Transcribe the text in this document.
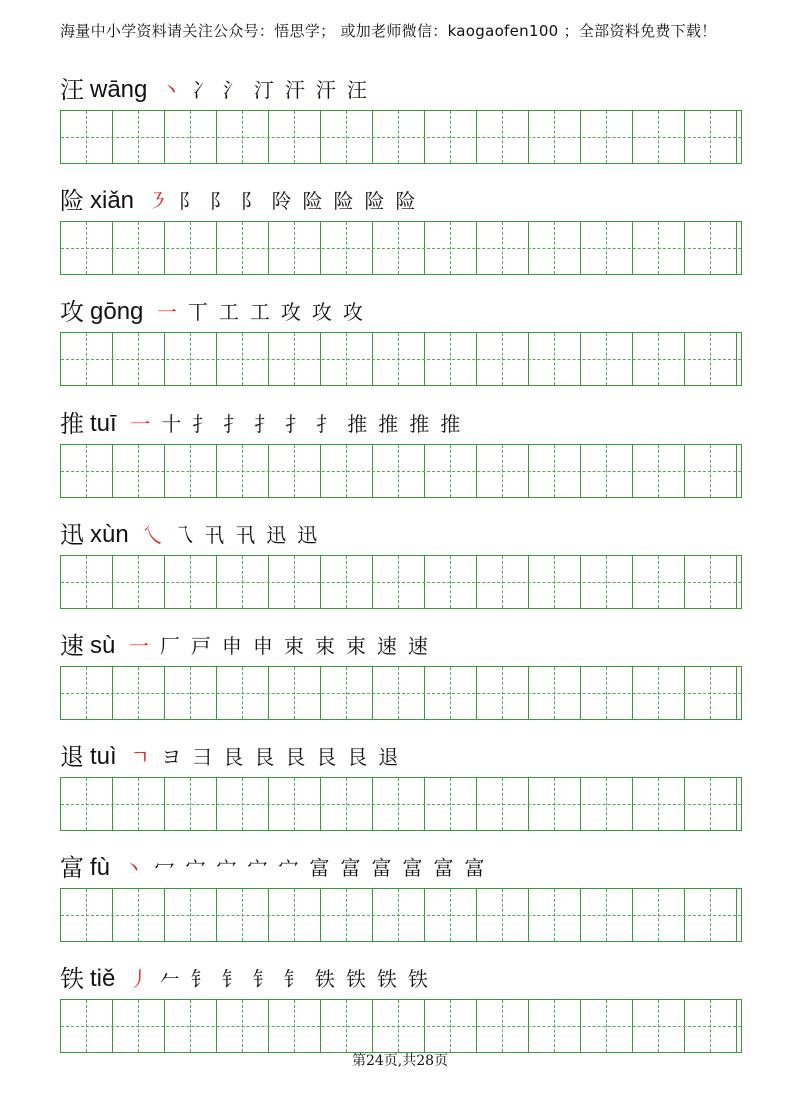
海量中小学资料请关注公众号：悟思学； 或加老师微信：kaogaofen100 ；全部资料免费下载！
汪 wāng 丶 冫 氵 汀 汗 汗 汪
险 xiǎn ㇋ 阝 阝 阝 阾 险 险 险 险
攻 gōng 一 丅 工 工 攻 攻 攻
推 tuī 一 十 扌 扌 扌 扌 扌 推 推 推 推
迅 xùn 乀 乁 卂 卂 迅 迅
速 sù 一 厂 戸 申 申 束 束 束 速 速
退 tuì ㄱ ヨ 彐 艮 艮 艮 艮 艮 退
富 fù 丶 冖 宀 宀 宀 宀 富 富 富 富 富 富
铁 tiě 丿 𠂉 钅 钅 钅 钅 铁 铁 铁 铁
第24页,共28页
